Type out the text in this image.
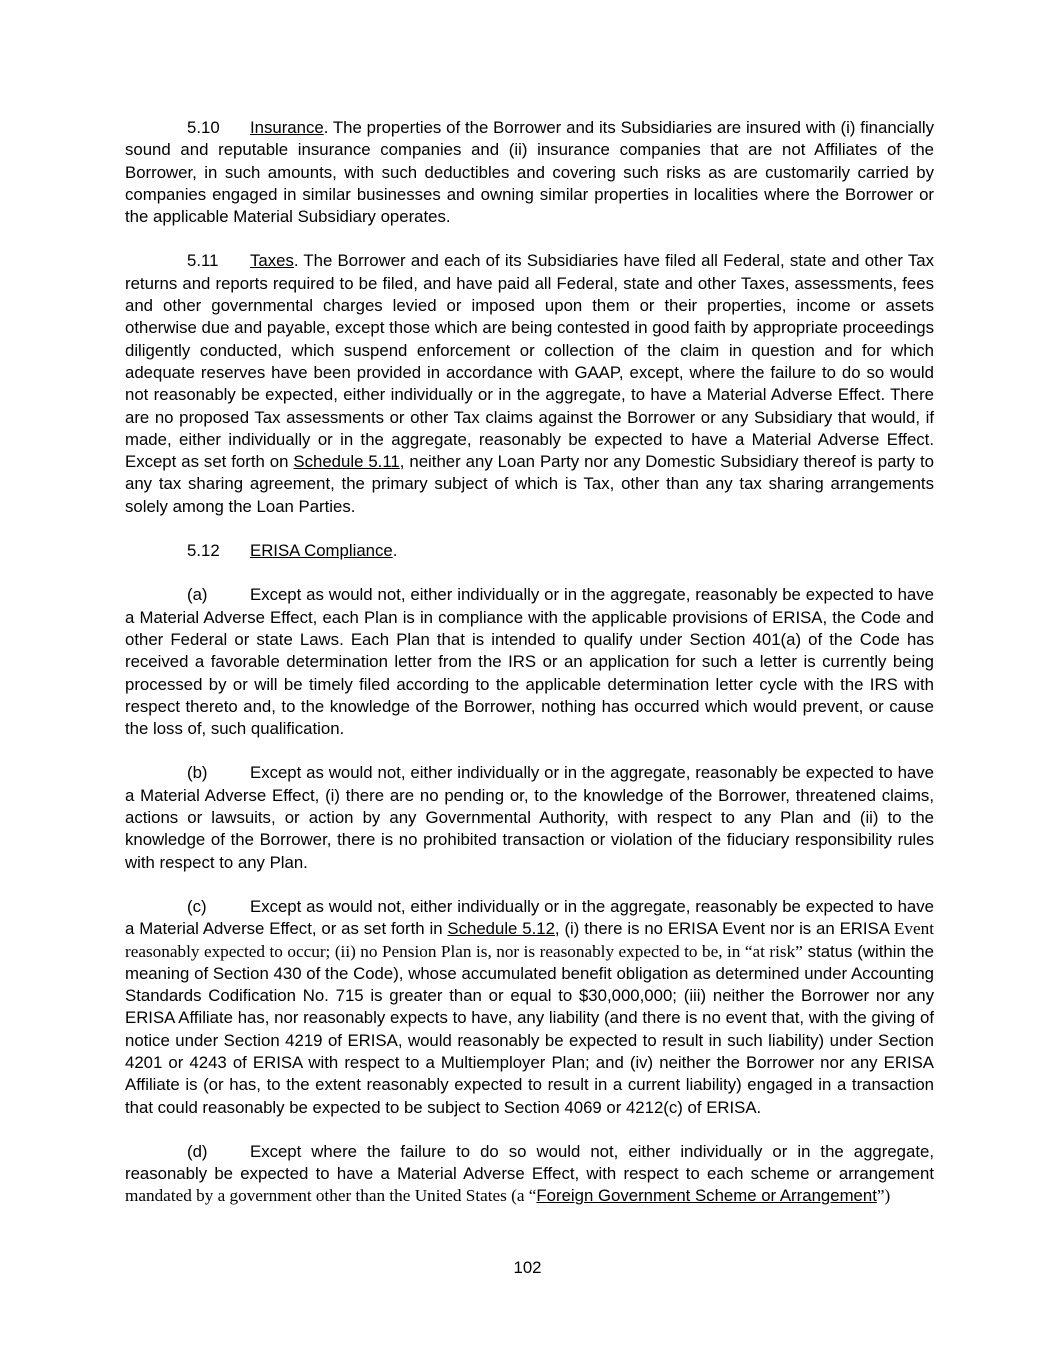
5.10 Insurance. The properties of the Borrower and its Subsidiaries are insured with (i) financially sound and reputable insurance companies and (ii) insurance companies that are not Affiliates of the Borrower, in such amounts, with such deductibles and covering such risks as are customarily carried by companies engaged in similar businesses and owning similar properties in localities where the Borrower or the applicable Material Subsidiary operates.

5.11 Taxes. The Borrower and each of its Subsidiaries have filed all Federal, state and other Tax returns and reports required to be filed, and have paid all Federal, state and other Taxes, assessments, fees and other governmental charges levied or imposed upon them or their properties, income or assets otherwise due and payable, except those which are being contested in good faith by appropriate proceedings diligently conducted, which suspend enforcement or collection of the claim in question and for which adequate reserves have been provided in accordance with GAAP, except, where the failure to do so would not reasonably be expected, either individually or in the aggregate, to have a Material Adverse Effect. There are no proposed Tax assessments or other Tax claims against the Borrower or any Subsidiary that would, if made, either individually or in the aggregate, reasonably be expected to have a Material Adverse Effect. Except as set forth on Schedule 5.11, neither any Loan Party nor any Domestic Subsidiary thereof is party to any tax sharing agreement, the primary subject of which is Tax, other than any tax sharing arrangements solely among the Loan Parties.

5.12 ERISA Compliance.

(a)	Except as would not, either individually or in the aggregate, reasonably be expected to have a Material Adverse Effect, each Plan is in compliance with the applicable provisions of ERISA, the Code and other Federal or state Laws. Each Plan that is intended to qualify under Section 401(a) of the Code has received a favorable determination letter from the IRS or an application for such a letter is currently being processed by or will be timely filed according to the applicable determination letter cycle with the IRS with respect thereto and, to the knowledge of the Borrower, nothing has occurred which would prevent, or cause the loss of, such qualification.

(b)	Except as would not, either individually or in the aggregate, reasonably be expected to have a Material Adverse Effect, (i) there are no pending or, to the knowledge of the Borrower, threatened claims, actions or lawsuits, or action by any Governmental Authority, with respect to any Plan and (ii) to the knowledge of the Borrower, there is no prohibited transaction or violation of the fiduciary responsibility rules with respect to any Plan.

(c)	Except as would not, either individually or in the aggregate, reasonably be expected to have a Material Adverse Effect, or as set forth in Schedule 5.12, (i) there is no ERISA Event nor is an ERISA Event reasonably expected to occur; (ii) no Pension Plan is, nor is reasonably expected to be, in “at risk” status (within the meaning of Section 430 of the Code), whose accumulated benefit obligation as determined under Accounting Standards Codification No. 715 is greater than or equal to $30,000,000; (iii) neither the Borrower nor any ERISA Affiliate has, nor reasonably expects to have, any liability (and there is no event that, with the giving of notice under Section 4219 of ERISA, would reasonably be expected to result in such liability) under Section 4201 or 4243 of ERISA with respect to a Multiemployer Plan; and (iv) neither the Borrower nor any ERISA Affiliate is (or has, to the extent reasonably expected to result in a current liability) engaged in a transaction that could reasonably be expected to be subject to Section 4069 or 4212(c) of ERISA.

(d)	Except where the failure to do so would not, either individually or in the aggregate, reasonably be expected to have a Material Adverse Effect, with respect to each scheme or arrangement mandated by a government other than the United States (a “Foreign Government Scheme or Arrangement”)

102
